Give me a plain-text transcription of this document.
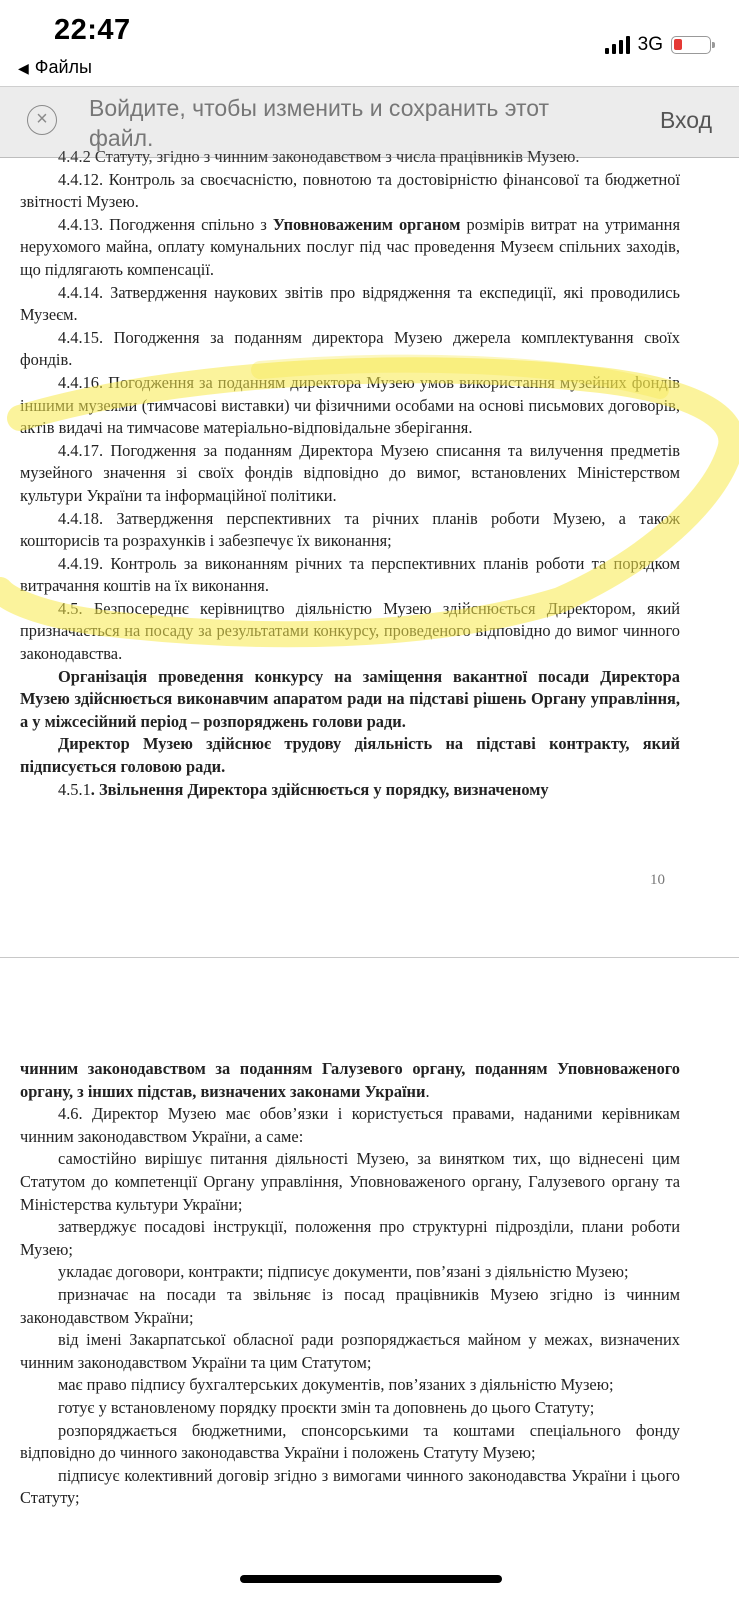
22:47
◀ Файлы
3G
×	Войдите, чтобы изменить и сохранить этот файл.
Вход

4.4.2 Статуту, згідно з чинним законодавством з числа працівників Музею.

4.4.12. Контроль за своєчасністю, повнотою та достовірністю фінансової та бюджетної звітності Музею.

4.4.13. Погодження спільно з Уповноваженим органом розмірів витрат на утримання нерухомого майна, оплату комунальних послуг під час проведення Музеєм спільних заходів, що підлягають компенсації.

4.4.14. Затвердження наукових звітів про відрядження та експедиції, які проводились Музеєм.

4.4.15. Погодження за поданням директора Музею джерела комплектування своїх фондів.

4.4.16. Погодження за поданням директора Музею умов використання музейних фондів іншими музеями (тимчасові виставки) чи фізичними особами на основі письмових договорів, актів видачі на тимчасове матеріально-відповідальне зберігання.

4.4.17. Погодження за поданням Директора Музею списання та вилучення предметів музейного значення зі своїх фондів відповідно до вимог, встановлених Міністерством культури України та інформаційної політики.

4.4.18. Затвердження перспективних та річних планів роботи Музею, а також кошторисів та розрахунків і забезпечує їх виконання;

4.4.19. Контроль за виконанням річних та перспективних планів роботи та порядком витрачання коштів на їх виконання.

4.5. Безпосереднє керівництво діяльністю Музею здійснюється Директором, який призначається на посаду за результатами конкурсу, проведеного відповідно до вимог чинного законодавства.

Організація проведення конкурсу на заміщення вакантної посади Директора Музею здійснюється виконавчим апаратом ради на підставі рішень Органу управління, а у міжсесійний період – розпоряджень голови ради.

Директор Музею здійснює трудову діяльність на підставі контракту, який підписується головою ради.

4.5.1. Звільнення Директора здійснюється у порядку, визначеному

10

чинним законодавством за поданням Галузевого органу, поданням Уповноваженого органу, з інших підстав, визначених законами України.

4.6. Директор Музею має обов’язки і користується правами, наданими керівникам чинним законодавством України, а саме:

самостійно вирішує питання діяльності Музею, за винятком тих, що віднесені цим Статутом до компетенції Органу управління, Уповноваженого органу, Галузевого органу та Міністерства культури України;

затверджує посадові інструкції, положення про структурні підрозділи, плани роботи Музею;

укладає договори, контракти; підписує документи, пов’язані з діяльністю Музею;

призначає на посади та звільняє із посад працівників Музею згідно із чинним законодавством України;

від імені Закарпатської обласної ради розпоряджається майном у межах, визначених чинним законодавством України та цим Статутом;

має право підпису бухгалтерських документів, пов’язаних з діяльністю Музею;

готує у встановленому порядку проєкти змін та доповнень до цього Статуту;

розпоряджається бюджетними, спонсорськими та коштами спеціального фонду відповідно до чинного законодавства України і положень Статуту Музею;

підписує колективний договір згідно з вимогами чинного законодавства України і цього Статуту;
